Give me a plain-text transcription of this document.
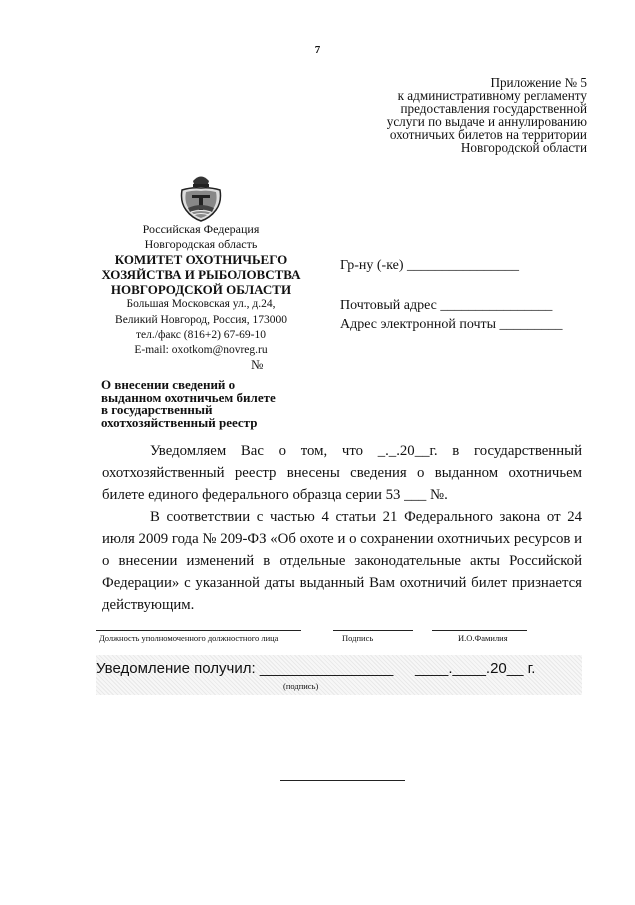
7
Приложение № 5
к административному регламенту
предоставления государственной
услуги по выдаче и аннулированию
охотничьих билетов на территории
Новгородской области
Российская Федерация
Новгородская область
КОМИТЕТ ОХОТНИЧЬЕГО
ХОЗЯЙСТВА И РЫБОЛОВСТВА
НОВГОРОДСКОЙ ОБЛАСТИ
Большая Московская ул., д.24,
Великий Новгород, Россия, 173000
тел./факс (816+2) 67-69-10
E-mail: oxotkom@novreg.ru
№
Гр-ну (-ке) ________________
Почтовый адрес ________________
Адрес электронной почты _________
О внесении сведений о
выданном охотничьем билете
в государственный
охотхозяйственный реестр

Уведомляем Вас о том, что _._.20__г. в государственный охотхозяйственный реестр внесены сведения о выданном охотничьем билете единого федерального образца серии 53 ___ №.

В соответствии с частью 4 статьи 21 Федерального закона от 24 июля 2009 года № 209-ФЗ «Об охоте и о сохранении охотничьих ресурсов и о внесении изменений в отдельные законодательные акты Российской Федерации» с указанной даты выданный Вам охотничий билет признается действующим.

Должность уполномоченного должностного лица	Подпись	И.О.Фамилия
Уведомление получил: ________________ ____.____.20__ г.
(подпись)
